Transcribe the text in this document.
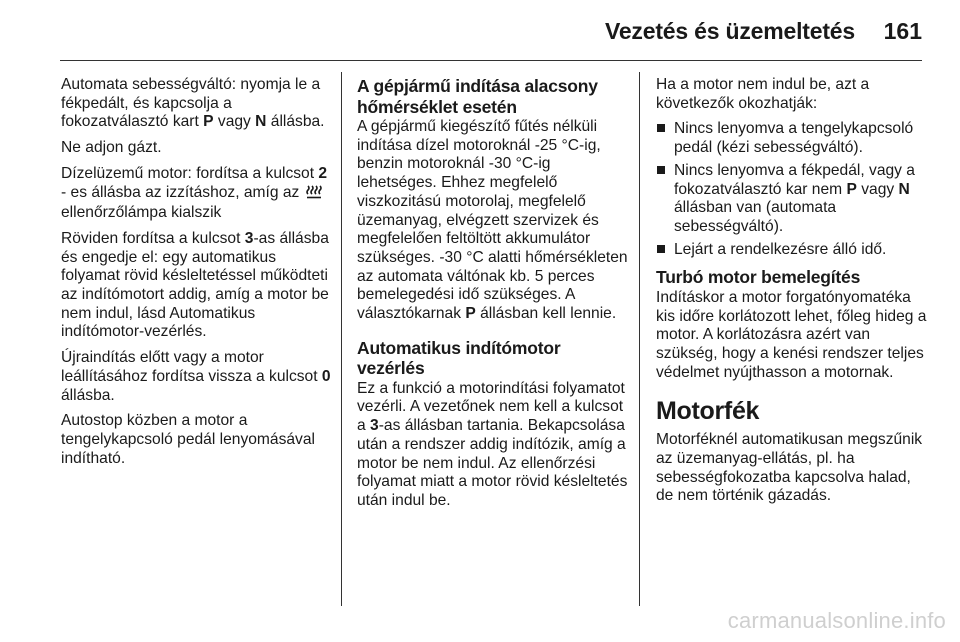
Vezetés és üzemeltetés 161

Automata sebességváltó: nyomja le a fékpedált, és kapcsolja a fokozatválasztó kart P vagy N állásba.

Ne adjon gázt.

Dízelüzemű motor: fordítsa a kulcsot 2 - es állásba az izzításhoz, amíg az  ellenőrzőlámpa kialszik

Röviden fordítsa a kulcsot 3-as állásba és engedje el: egy automatikus folyamat rövid késleltetéssel működteti az indítómotort addig, amíg a motor be nem indul, lásd Automatikus indítómotor-vezérlés.

Újraindítás előtt vagy a motor leállításához fordítsa vissza a kulcsot 0 állásba.

Autostop közben a motor a tengelykapcsoló pedál lenyomásával indítható.

A gépjármű indítása alacsony hőmérséklet esetén

A gépjármű kiegészítő fűtés nélküli indítása dízel motoroknál -25 °C-ig, benzin motoroknál -30 °C-ig lehetséges. Ehhez megfelelő viszkozitású motorolaj, megfelelő üzemanyag, elvégzett szervizek és megfelelően feltöltött akkumulátor szükséges. -30 °C alatti hőmérsékleten az automata váltónak kb. 5 perces bemelegedési idő szükséges. A választókarnak P állásban kell lennie.

Automatikus indítómotor vezérlés

Ez a funkció a motorindítási folyamatot vezérli. A vezetőnek nem kell a kulcsot a 3-as állásban tartania. Bekapcsolása után a rendszer addig indítózik, amíg a motor be nem indul. Az ellenőrzési folyamat miatt a motor rövid késleltetés után indul be.

Ha a motor nem indul be, azt a következők okozhatják:

Nincs lenyomva a tengelykapcsoló pedál (kézi sebességváltó).
Nincs lenyomva a fékpedál, vagy a fokozatválasztó kar nem P vagy N állásban van (automata sebességváltó).
Lejárt a rendelkezésre álló idő.
Turbó motor bemelegítés

Indításkor a motor forgatónyomatéka kis időre korlátozott lehet, főleg hideg a motor. A korlátozásra azért van szükség, hogy a kenési rendszer teljes védelmet nyújthasson a motornak.

Motorfék

Motorféknél automatikusan megszűnik az üzemanyag-ellátás, pl. ha sebességfokozatba kapcsolva halad, de nem történik gázadás.

carmanualsonline.info
